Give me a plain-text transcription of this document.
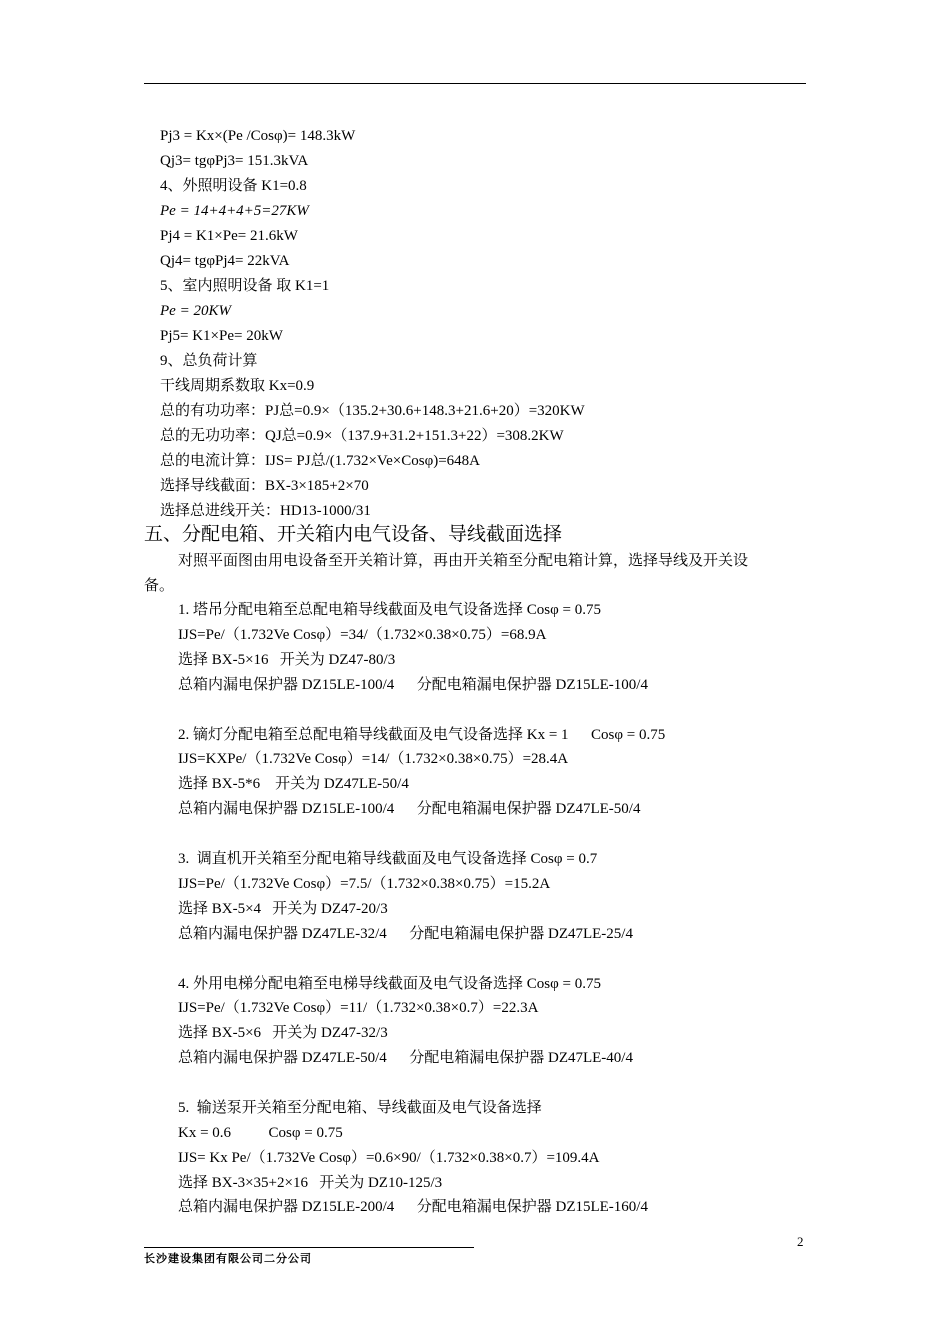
Pj3 = Kx×(Pe /Cosφ)= 148.3kW
Qj3= tgφPj3= 151.3kVA
4、外照明设备 K1=0.8
Pe = 14+4+4+5=27KW
Pj4 = K1×Pe= 21.6kW
Qj4= tgφPj4= 22kVA
5、室内照明设备 取 K1=1
Pe = 20KW
Pj5= K1×Pe= 20kW
9、总负荷计算
干线周期系数取 Kx=0.9
总的有功功率：PJ总=0.9×（135.2+30.6+148.3+21.6+20）=320KW
总的无功功率：QJ总=0.9×（137.9+31.2+151.3+22）=308.2KW
总的电流计算：IJS= PJ总/(1.732×Ve×Cosφ)=648A
选择导线截面：BX-3×185+2×70
选择总进线开关：HD13-1000/31
五、分配电箱、开关箱内电气设备、导线截面选择
对照平面图由用电设备至开关箱计算，再由开关箱至分配电箱计算，选择导线及开关设
备。
1. 塔吊分配电箱至总配电箱导线截面及电气设备选择 Cosφ = 0.75
IJS=Pe/（1.732Ve Cosφ）=34/（1.732×0.38×0.75）=68.9A
选择 BX-5×16   开关为 DZ47-80/3
总箱内漏电保护器 DZ15LE-100/4      分配电箱漏电保护器 DZ15LE-100/4
2. 镝灯分配电箱至总配电箱导线截面及电气设备选择 Kx = 1      Cosφ = 0.75
IJS=KXPe/（1.732Ve Cosφ）=14/（1.732×0.38×0.75）=28.4A
选择 BX-5*6    开关为 DZ47LE-50/4
总箱内漏电保护器 DZ15LE-100/4      分配电箱漏电保护器 DZ47LE-50/4
3.  调直机开关箱至分配电箱导线截面及电气设备选择 Cosφ = 0.7
IJS=Pe/（1.732Ve Cosφ）=7.5/（1.732×0.38×0.75）=15.2A
选择 BX-5×4   开关为 DZ47-20/3
总箱内漏电保护器 DZ47LE-32/4      分配电箱漏电保护器 DZ47LE-25/4
4. 外用电梯分配电箱至电梯导线截面及电气设备选择 Cosφ = 0.75
IJS=Pe/（1.732Ve Cosφ）=11/（1.732×0.38×0.7）=22.3A
选择 BX-5×6   开关为 DZ47-32/3
总箱内漏电保护器 DZ47LE-50/4      分配电箱漏电保护器 DZ47LE-40/4
5.  输送泵开关箱至分配电箱、导线截面及电气设备选择
Kx = 0.6          Cosφ = 0.75
IJS= Kx Pe/（1.732Ve Cosφ）=0.6×90/（1.732×0.38×0.7）=109.4A
选择 BX-3×35+2×16   开关为 DZ10-125/3
总箱内漏电保护器 DZ15LE-200/4      分配电箱漏电保护器 DZ15LE-160/4
2
长沙建设集团有限公司二分公司
